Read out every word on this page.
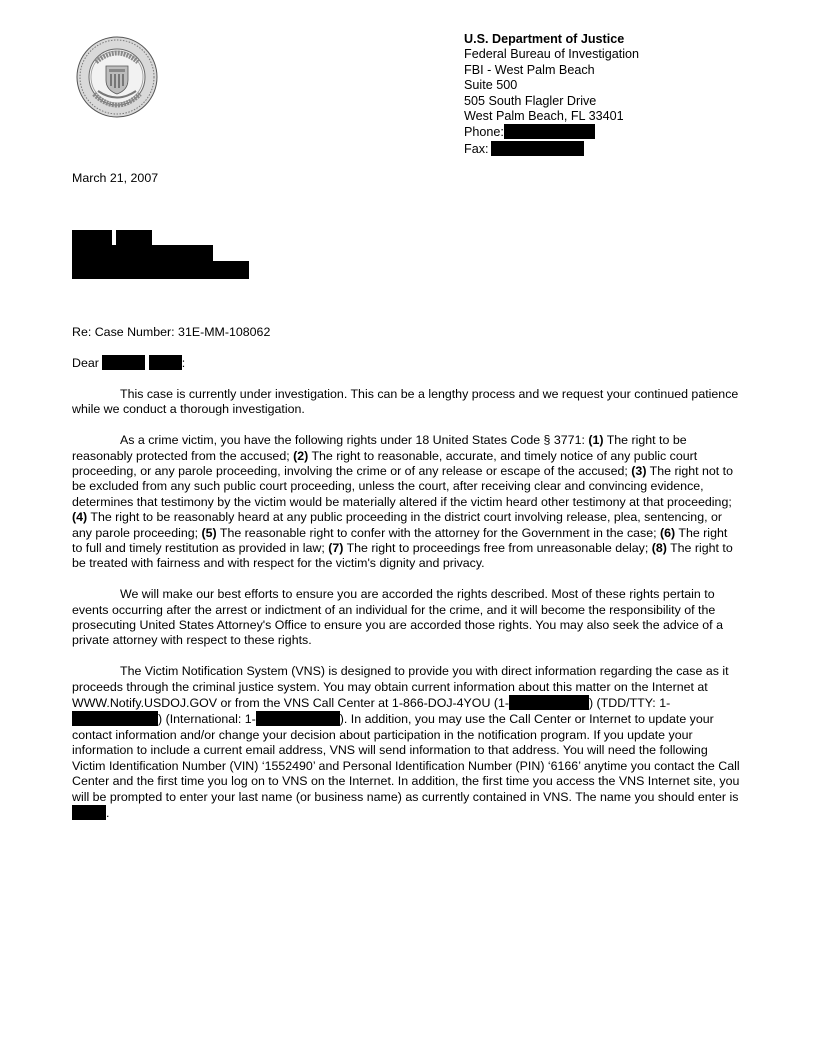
U.S. Department of Justice
Federal Bureau of Investigation
FBI - West Palm Beach
Suite 500
505 South Flagler Drive
West Palm Beach, FL 33401
Phone:
Fax:
March 21, 2007
Re: Case Number: 31E-MM-108062
Dear	:

This case is currently under investigation. This can be a lengthy process and we request your continued patience while we conduct a thorough investigation.

As a crime victim, you have the following rights under 18 United States Code § 3771: (1) The right to be reasonably protected from the accused; (2) The right to reasonable, accurate, and timely notice of any public court proceeding, or any parole proceeding, involving the crime or of any release or escape of the accused; (3) The right not to be excluded from any such public court proceeding, unless the court, after receiving clear and convincing evidence, determines that testimony by the victim would be materially altered if the victim heard other testimony at that proceeding; (4) The right to be reasonably heard at any public proceeding in the district court involving release, plea, sentencing, or any parole proceeding; (5) The reasonable right to confer with the attorney for the Government in the case; (6) The right to full and timely restitution as provided in law; (7) The right to proceedings free from unreasonable delay; (8) The right to be treated with fairness and with respect for the victim's dignity and privacy.

We will make our best efforts to ensure you are accorded the rights described. Most of these rights pertain to events occurring after the arrest or indictment of an individual for the crime, and it will become the responsibility of the prosecuting United States Attorney's Office to ensure you are accorded those rights. You may also seek the advice of a private attorney with respect to these rights.

The Victim Notification System (VNS) is designed to provide you with direct information regarding the case as it proceeds through the criminal justice system. You may obtain current information about this matter on the Internet at WWW.Notify.USDOJ.GOV or from the VNS Call Center at 1-866-DOJ-4YOU (1-	) (TDD/TTY: 1-) (International: 1-	). In addition, you may use the Call Center or Internet to update your contact information and/or change your decision about participation in the notification program. If you update your information to include a current email address, VNS will send information to that address. You will need the following Victim Identification Number (VIN) ‘1552490’ and Personal Identification Number (PIN) ‘6166’ anytime you contact the Call Center and the first time you log on to VNS on the Internet. In addition, the first time you access the VNS Internet site, you will be prompted to enter your last name (or business name) as currently contained in VNS. The name you should enter is .
